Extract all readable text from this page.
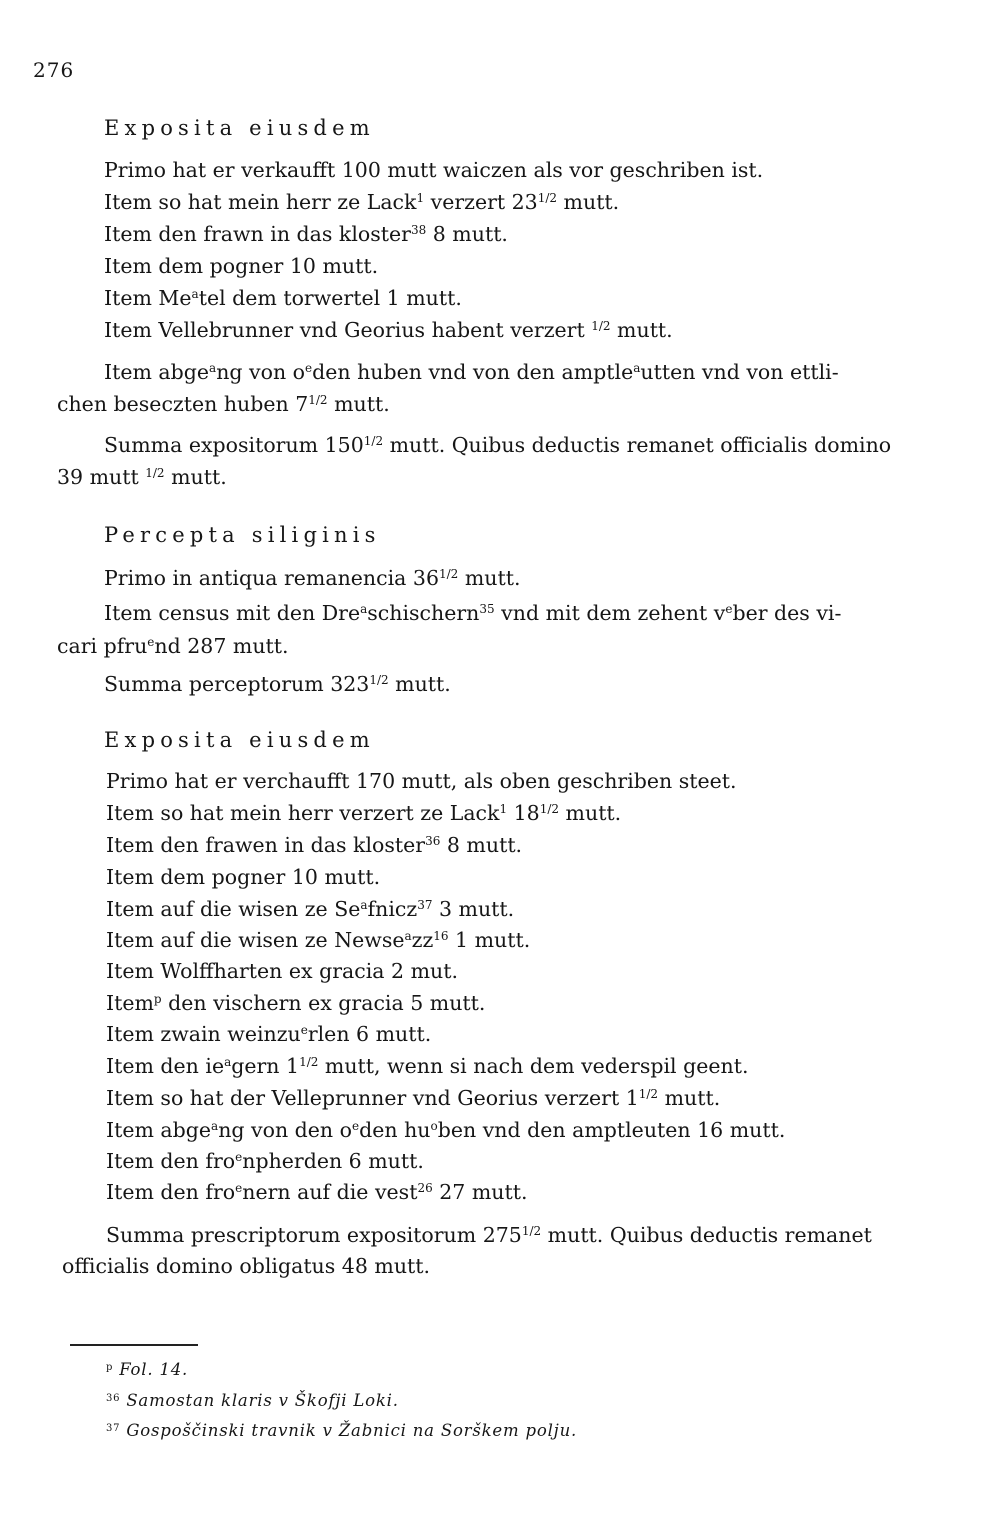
276
Exposita eiusdem
Primo hat er verkaufft 100 mutt waiczen als vor geschriben ist.
Item so hat mein herr ze Lack$^1$ verzert $23^{1/2}$ mutt.
Item den frawn in das kloster$^{38}$ 8 mutt.
Item dem pogner 10 mutt.
Item Me$^a$tel dem torwertel 1 mutt.
Item Vellebrunner vnd Georius habent verzert $^{1/2}$ mutt.
Item abge$^a$ng von $o^eden$ huben vnd von den amptle$^a$utten vnd von ettli-
chen beseczten huben $7^{1/2}$ mutt.
Summa expositorum $150^{1/2}$ mutt. Quibus deductis remanet officialis domino
39 mutt $^{1/2}$ mutt.
Percepta siliginis
Primo in antiqua remanencia $36^{1/2}$ mutt.
Item census mit den Dre$^a$schischern$^{35}$ vnd mit dem zehent $v^eber$ des vi-
cari pfru$^e$nd 287 mutt.
Summa perceptorum $323^{1/2}$ mutt.
Exposita eiusdem
Primo hat er verchaufft 170 mutt, als oben geschriben steet.
Item so hat mein herr verzert ze Lack$^1$ $18^{1/2}$ mutt.
Item den frawen in das kloster$^{36}$ 8 mutt.
Item dem pogner 10 mutt.
Item auf die wisen ze Se$^a$fnicz$^{37}$ 3 mutt.
Item auf die wisen ze $Newse^azz^{16}$ 1 mutt.
Item Wolffharten ex gracia 2 mut.
Item$^p$ den vischern ex gracia 5 mutt.
Item zwain weinzu$^e$rlen 6 mutt.
Item den $ie^agern$ $1^{1/2}$ mutt, wenn si nach dem vederspil geent.
Item so hat der Velleprunner vnd Georius verzert $1^{1/2}$ mutt.
Item abge$^a$ng von den $o^eden$ $hu^oben$ vnd den amptleuten 16 mutt.
Item den fro$^e$npherden 6 mutt.
Item den fro$^e$nern auf die vest$^{26}$ 27 mutt.
Summa prescriptorum expositorum $275^{1/2}$ mutt. Quibus deductis remanet
officialis domino obligatus 48 mutt.
$^p$ Fol. 14.
$^{36}$ Samostan klaris v Škofji Loki.
$^{37}$ Gospoščinski travnik v Žabnici na Sorškem polju.
